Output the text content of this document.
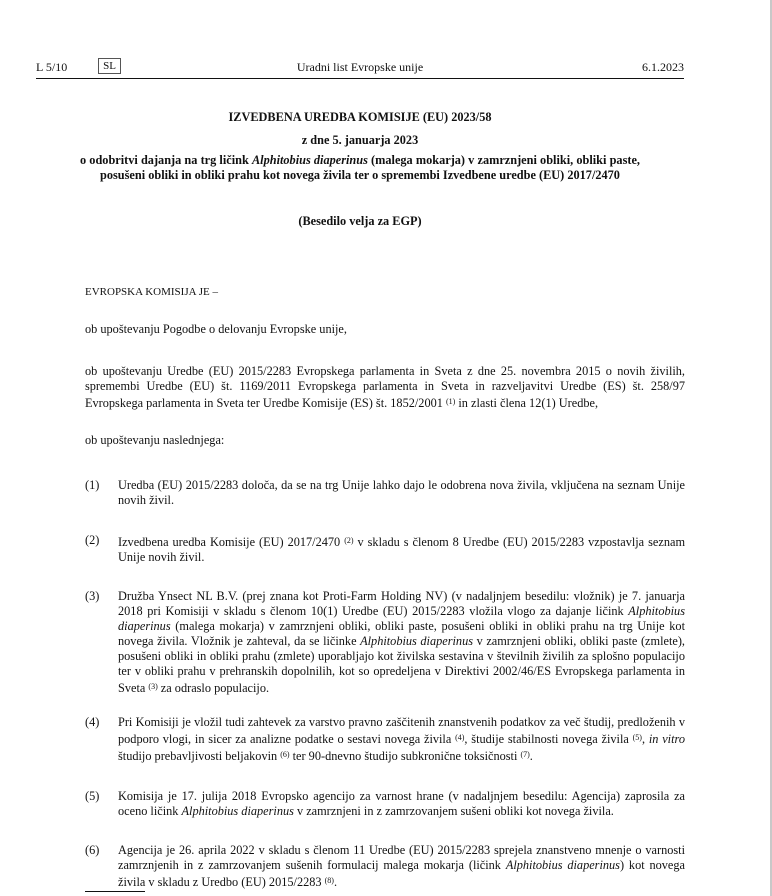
L 5/10	SL	Uradni list Evropske unije	6.1.2023
IZVEDBENA UREDBA KOMISIJE (EU) 2023/58
z dne 5. januarja 2023
o odobritvi dajanja na trg ličink Alphitobius diaperinus (malega mokarja) v zamrznjeni obliki, obliki paste, posušeni obliki in obliki prahu kot novega živila ter o spremembi Izvedbene uredbe (EU) 2017/2470
(Besedilo velja za EGP)
EVROPSKA KOMISIJA JE –
ob upoštevanju Pogodbe o delovanju Evropske unije,
ob upoštevanju Uredbe (EU) 2015/2283 Evropskega parlamenta in Sveta z dne 25. novembra 2015 o novih živilih, spremembi Uredbe (EU) št. 1169/2011 Evropskega parlamenta in Sveta in razveljavitvi Uredbe (ES) št. 258/97 Evropskega parlamenta in Sveta ter Uredbe Komisije (ES) št. 1852/2001 $^{(1)}$ in zlasti člena 12(1) Uredbe,
ob upoštevanju naslednjega:
(1)	Uredba (EU) 2015/2283 določa, da se na trg Unije lahko dajo le odobrena nova živila, vključena na seznam Unije novih živil.
(2)	Izvedbena uredba Komisije (EU) 2017/2470 $^{(2)}$ v skladu s členom 8 Uredbe (EU) 2015/2283 vzpostavlja seznam Unije novih živil.
(3)	Družba Ynsect NL B.V. (prej znana kot Proti-Farm Holding NV) (v nadaljnjem besedilu: vložnik) je 7. januarja 2018 pri Komisiji v skladu s členom 10(1) Uredbe (EU) 2015/2283 vložila vlogo za dajanje ličink Alphitobius diaperinus (malega mokarja) v zamrznjeni obliki, obliki paste, posušeni obliki in obliki prahu na trg Unije kot novega živila. Vložnik je zahteval, da se ličinke Alphitobius diaperinus v zamrznjeni obliki, obliki paste (zmlete), posušeni obliki in obliki prahu (zmlete) uporabljajo kot živilska sestavina v številnih živilih za splošno populacijo ter v obliki prahu v prehranskih dopolnilih, kot so opredeljena v Direktivi 2002/46/ES Evropskega parlamenta in Sveta $^{(3)}$ za odraslo populacijo.
(4)	Pri Komisiji je vložil tudi zahtevek za varstvo pravno zaščitenih znanstvenih podatkov za več študij, predloženih v podporo vlogi, in sicer za analizne podatke o sestavi novega živila $^{(4)}$, študije stabilnosti novega živila $^{(5)}$, in vitro študijo prebavljivosti beljakovin $^{(6)}$ ter 90-dnevno študijo subkronične toksičnosti $^{(7)}$.
(5)	Komisija je 17. julija 2018 Evropsko agencijo za varnost hrane (v nadaljnjem besedilu: Agencija) zaprosila za oceno ličink Alphitobius diaperinus v zamrznjeni in z zamrzovanjem sušeni obliki kot novega živila.
(6)	Agencija je 26. aprila 2022 v skladu s členom 11 Uredbe (EU) 2015/2283 sprejela znanstveno mnenje o varnosti zamrznjenih in z zamrzovanjem sušenih formulacij malega mokarja (ličink Alphitobius diaperinus) kot novega živila v skladu z Uredbo (EU) 2015/2283 $^{(8)}$.
